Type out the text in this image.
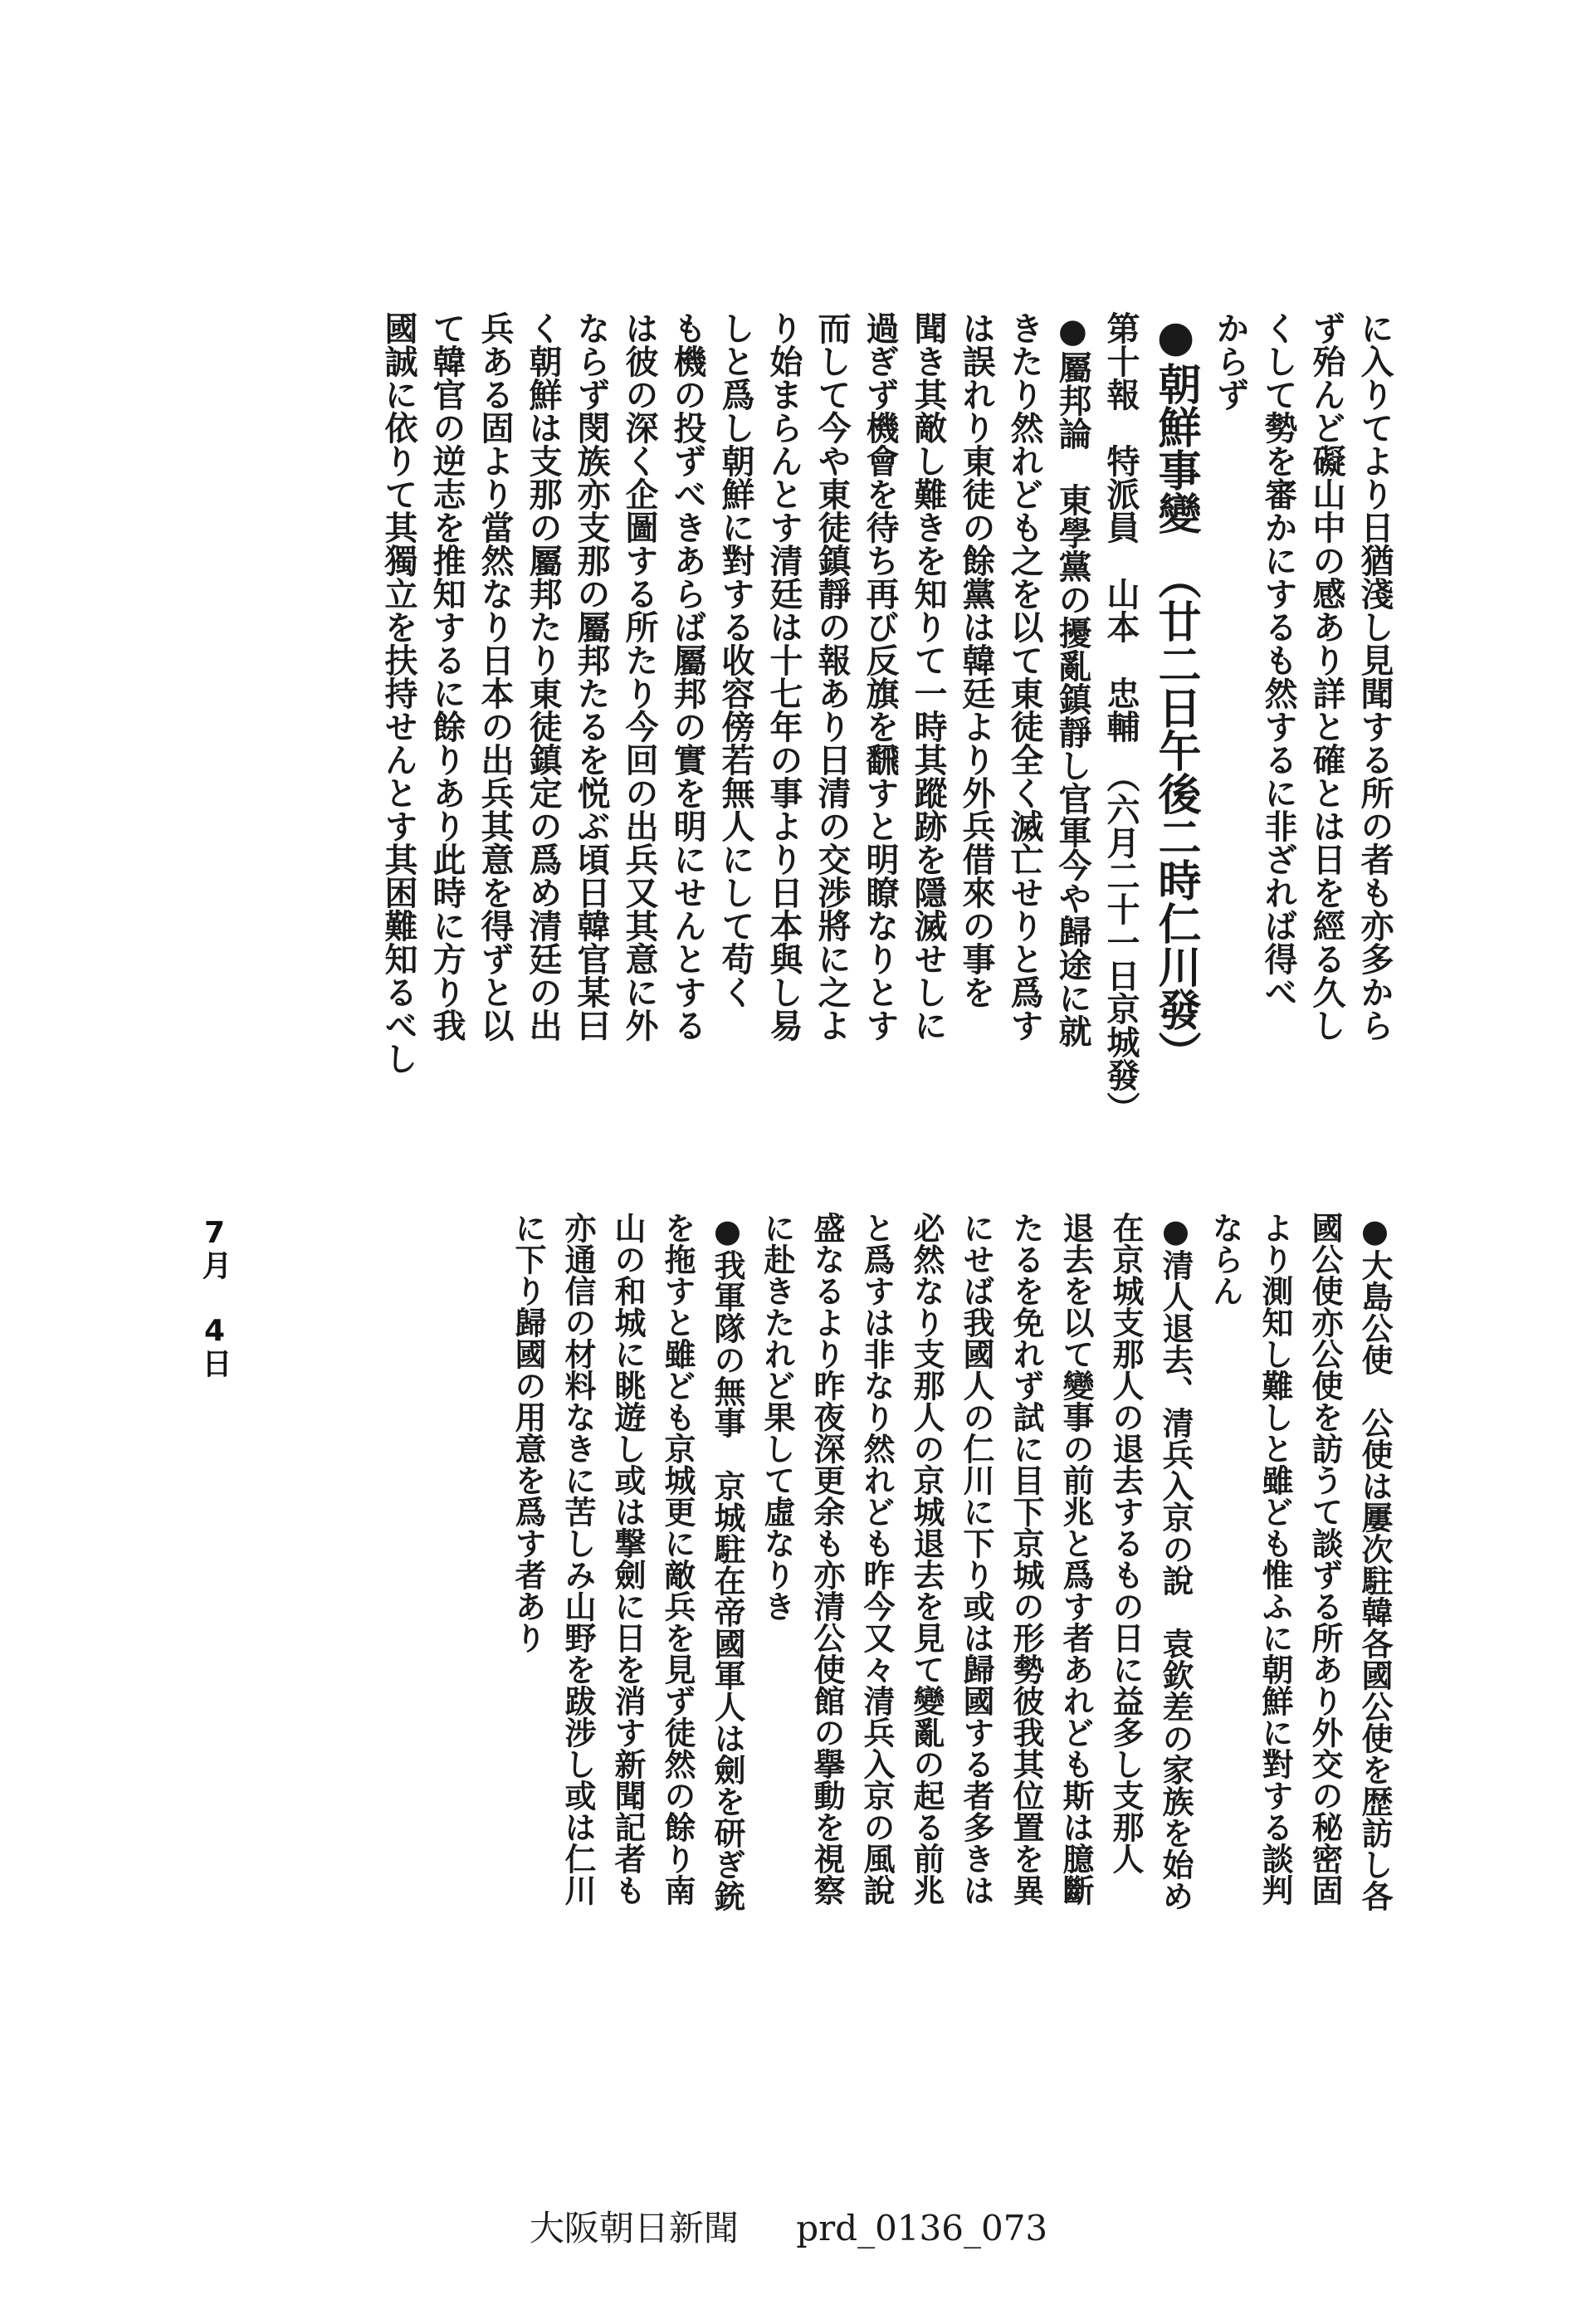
に入りてより日猶淺し見聞する所の者も亦多から
ず殆んど礙山中の感あり詳と確とは日を經る久し
くして勢を審かにするも然するに非ざれば得べ
からず
●朝鮮事變　（廿二日午後二時仁川發）
第十報　特派員　山本　忠輔　（六月二十一日京城發）
●屬邦論　東學黨の擾亂鎮靜し官軍今や歸途に就
きたり然れども之を以て東徒全く滅亡せりと爲す
は誤れり東徒の餘黨は韓廷より外兵借來の事を
聞き其敵し難きを知りて一時其蹤跡を隱滅せしに
過ぎず機會を待ち再び反旗を飜すと明瞭なりとす
而して今や東徒鎮靜の報あり日清の交渉將に之よ
り始まらんとす清廷は十七年の事より日本與し易
しと爲し朝鮮に對する收容傍若無人にして苟く
も機の投ずべきあらば屬邦の實を明にせんとする
は彼の深く企圖する所たり今回の出兵又其意に外
ならず閔族亦支那の屬邦たるを悦ぶ頃日韓官某曰
く朝鮮は支那の屬邦たり東徒鎮定の爲め清廷の出
兵ある固より當然なり日本の出兵其意を得ずと以
て韓官の逆志を推知するに餘りあり此時に方り我
國誠に依りて其獨立を扶持せんとす其困難知るべし
●大島公使　公使は屢次駐韓各國公使を歴訪し各
國公使亦公使を訪うて談ずる所あり外交の秘密固
より測知し難しと雖ども惟ふに朝鮮に對する談判
ならん
●清人退去、清兵入京の說　袁欽差の家族を始め
在京城支那人の退去するもの日に益多し支那人
退去を以て變事の前兆と爲す者あれども斯は臆斷
たるを免れず試に目下京城の形勢彼我其位置を異
にせば我國人の仁川に下り或は歸國する者多きは
必然なり支那人の京城退去を見て變亂の起る前兆
と爲すは非なり然れども昨今又々清兵入京の風說
盛なるより昨夜深更余も亦清公使館の擧動を視察
に赴きたれど果して虛なりき
●我軍隊の無事　京城駐在帝國軍人は劍を研ぎ銃
を拖すと雖ども京城更に敵兵を見ず徒然の餘り南
山の和城に眺遊し或は撃劍に日を消す新聞記者も
亦通信の材料なきに苦しみ山野を跋涉し或は仁川
に下り歸國の用意を爲す者あり
7月 4日
大阪朝日新聞 prd_0136_073
